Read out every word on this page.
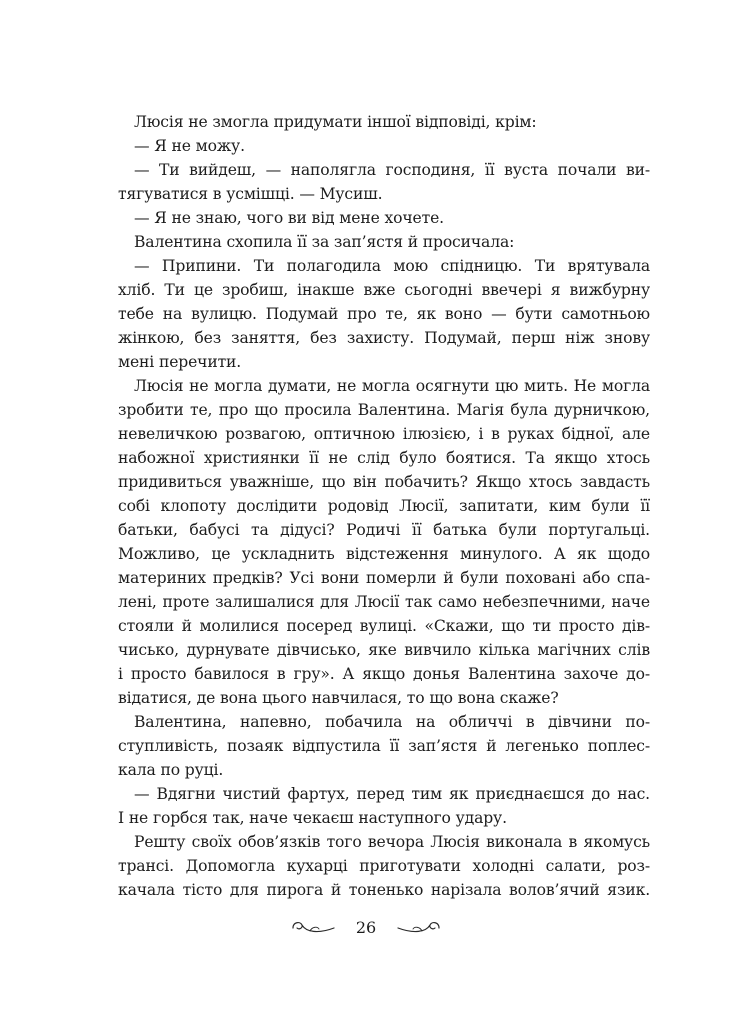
Люсія не змогла придумати іншої відповіді, крім:
— Я не можу.
— Ти вийдеш, — наполягла господиня, її вуста почали ви-
тягуватися в усмішці. — Мусиш.
— Я не знаю, чого ви від мене хочете.
Валентина схопила її за зап’ястя й просичала:
— Припини. Ти полагодила мою спідницю. Ти врятувала
хліб. Ти це зробиш, інакше вже сьогодні ввечері я вижбурну
тебе на вулицю. Подумай про те, як воно — бути самотньою
жінкою, без заняття, без захисту. Подумай, перш ніж знову
мені перечити.
Люсія не могла думати, не могла осягнути цю мить. Не могла
зробити те, про що просила Валентина. Магія була дурничкою,
невеличкою розвагою, оптичною ілюзією, і в руках бідної, але
набожної християнки її не слід було боятися. Та якщо хтось
придивиться уважніше, що він побачить? Якщо хтось завдасть
собі клопоту дослідити родовід Люсії, запитати, ким були її
батьки, бабусі та дідусі? Родичі її батька були португальці.
Можливо, це ускладнить відстеження минулого. А як щодо
материних предків? Усі вони померли й були поховані або спа-
лені, проте залишалися для Люсії так само небезпечними, наче
стояли й молилися посеред вулиці. «Скажи, що ти просто дів-
чисько, дурнувате дівчисько, яке вивчило кілька магічних слів
і просто бавилося в гру». А якщо донья Валентина захоче до-
відатися, де вона цього навчилася, то що вона скаже?
Валентина, напевно, побачила на обличчі в дівчини по-
ступливість, позаяк відпустила її зап’ястя й легенько поплес-
кала по руці.
— Вдягни чистий фартух, перед тим як приєднаєшся до нас.
І не горбся так, наче чекаєш наступного удару.
Решту своїх обов’язків того вечора Люсія виконала в якомусь
трансі. Допомогла кухарці приготувати холодні салати, роз-
качала тісто для пирога й тоненько нарізала волов’ячий язик.
26
